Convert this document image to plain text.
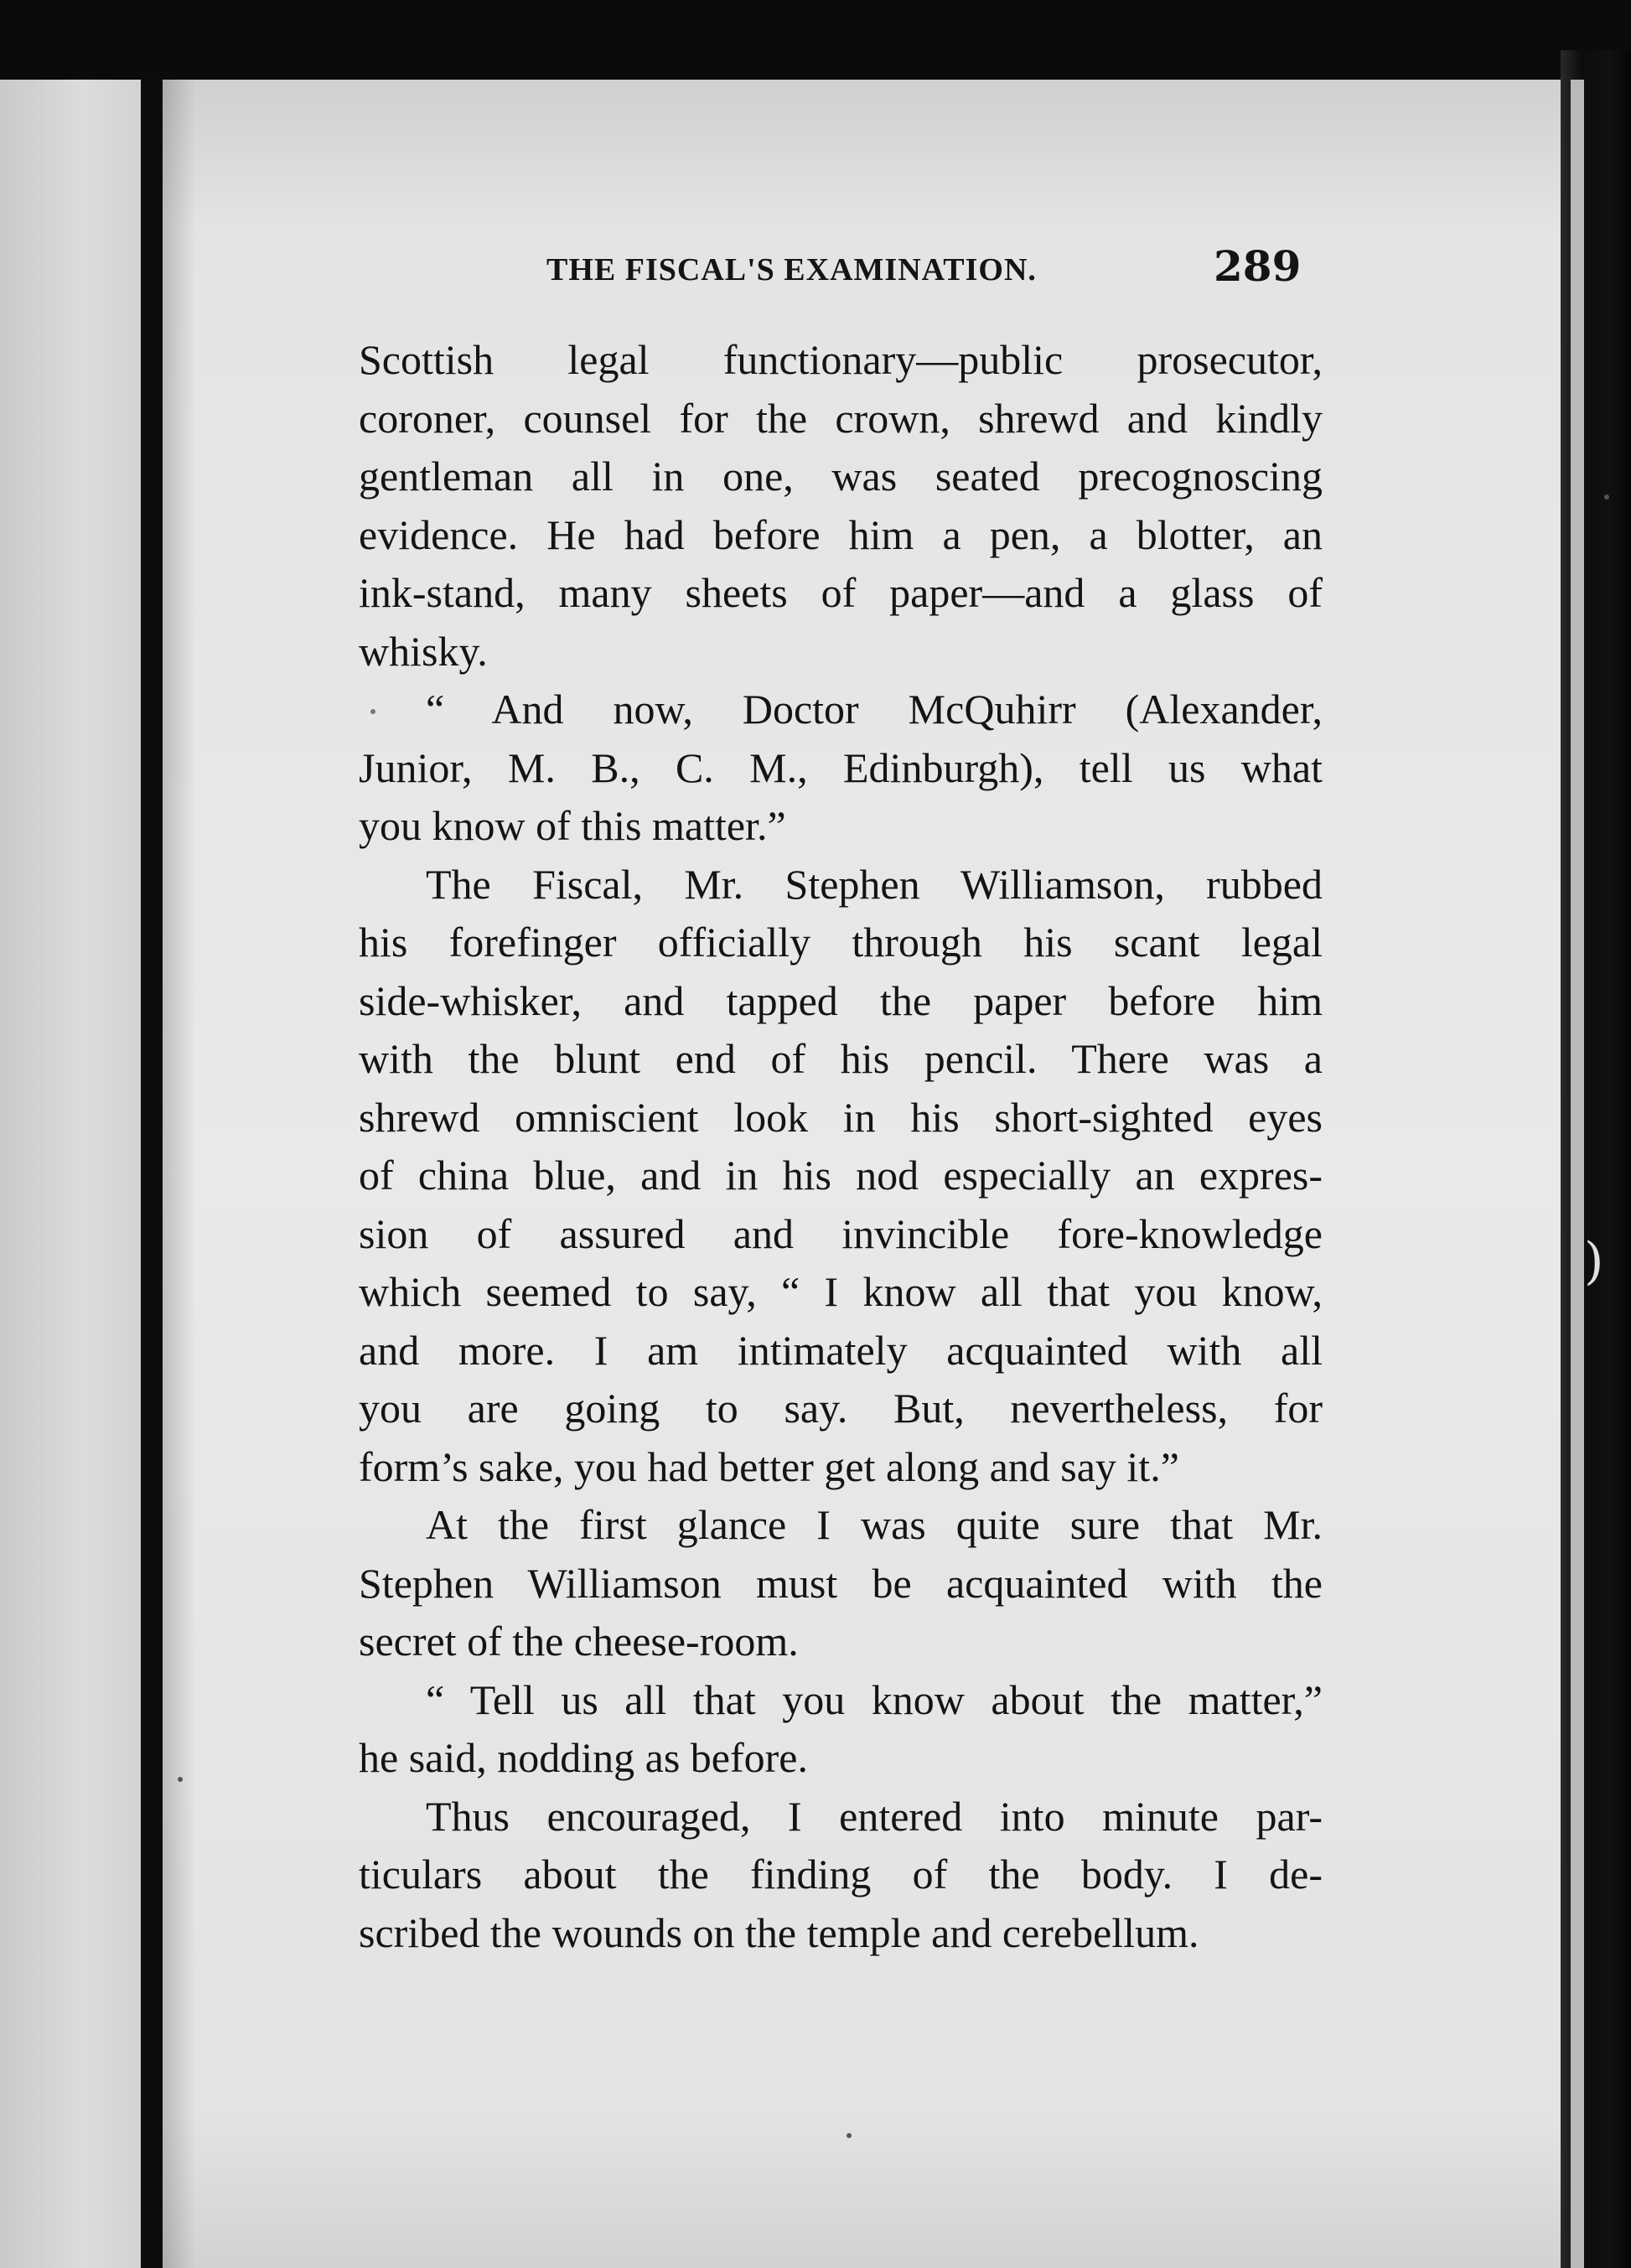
)
THE FISCAL'S EXAMINATION.	289
Scottish legal functionary—public prosecutor,
coroner, counsel for the crown, shrewd and kindly
gentleman all in one, was seated precognoscing
evidence. He had before him a pen, a blotter, an
ink-stand, many sheets of paper—and a glass of
whisky.
“ And now, Doctor McQuhirr (Alexander,
Junior, M. B., C. M., Edinburgh), tell us what
you know of this matter.”
The Fiscal, Mr. Stephen Williamson, rubbed
his forefinger officially through his scant legal
side-whisker, and tapped the paper before him
with the blunt end of his pencil. There was a
shrewd omniscient look in his short-sighted eyes
of china blue, and in his nod especially an expres-
sion of assured and invincible fore-knowledge
which seemed to say, “ I know all that you know,
and more. I am intimately acquainted with all
you are going to say. But, nevertheless, for
form’s sake, you had better get along and say it.”
At the first glance I was quite sure that Mr.
Stephen Williamson must be acquainted with the
secret of the cheese-room.
“ Tell us all that you know about the matter,”
he said, nodding as before.
Thus encouraged, I entered into minute par-
ticulars about the finding of the body. I de-
scribed the wounds on the temple and cerebellum.
